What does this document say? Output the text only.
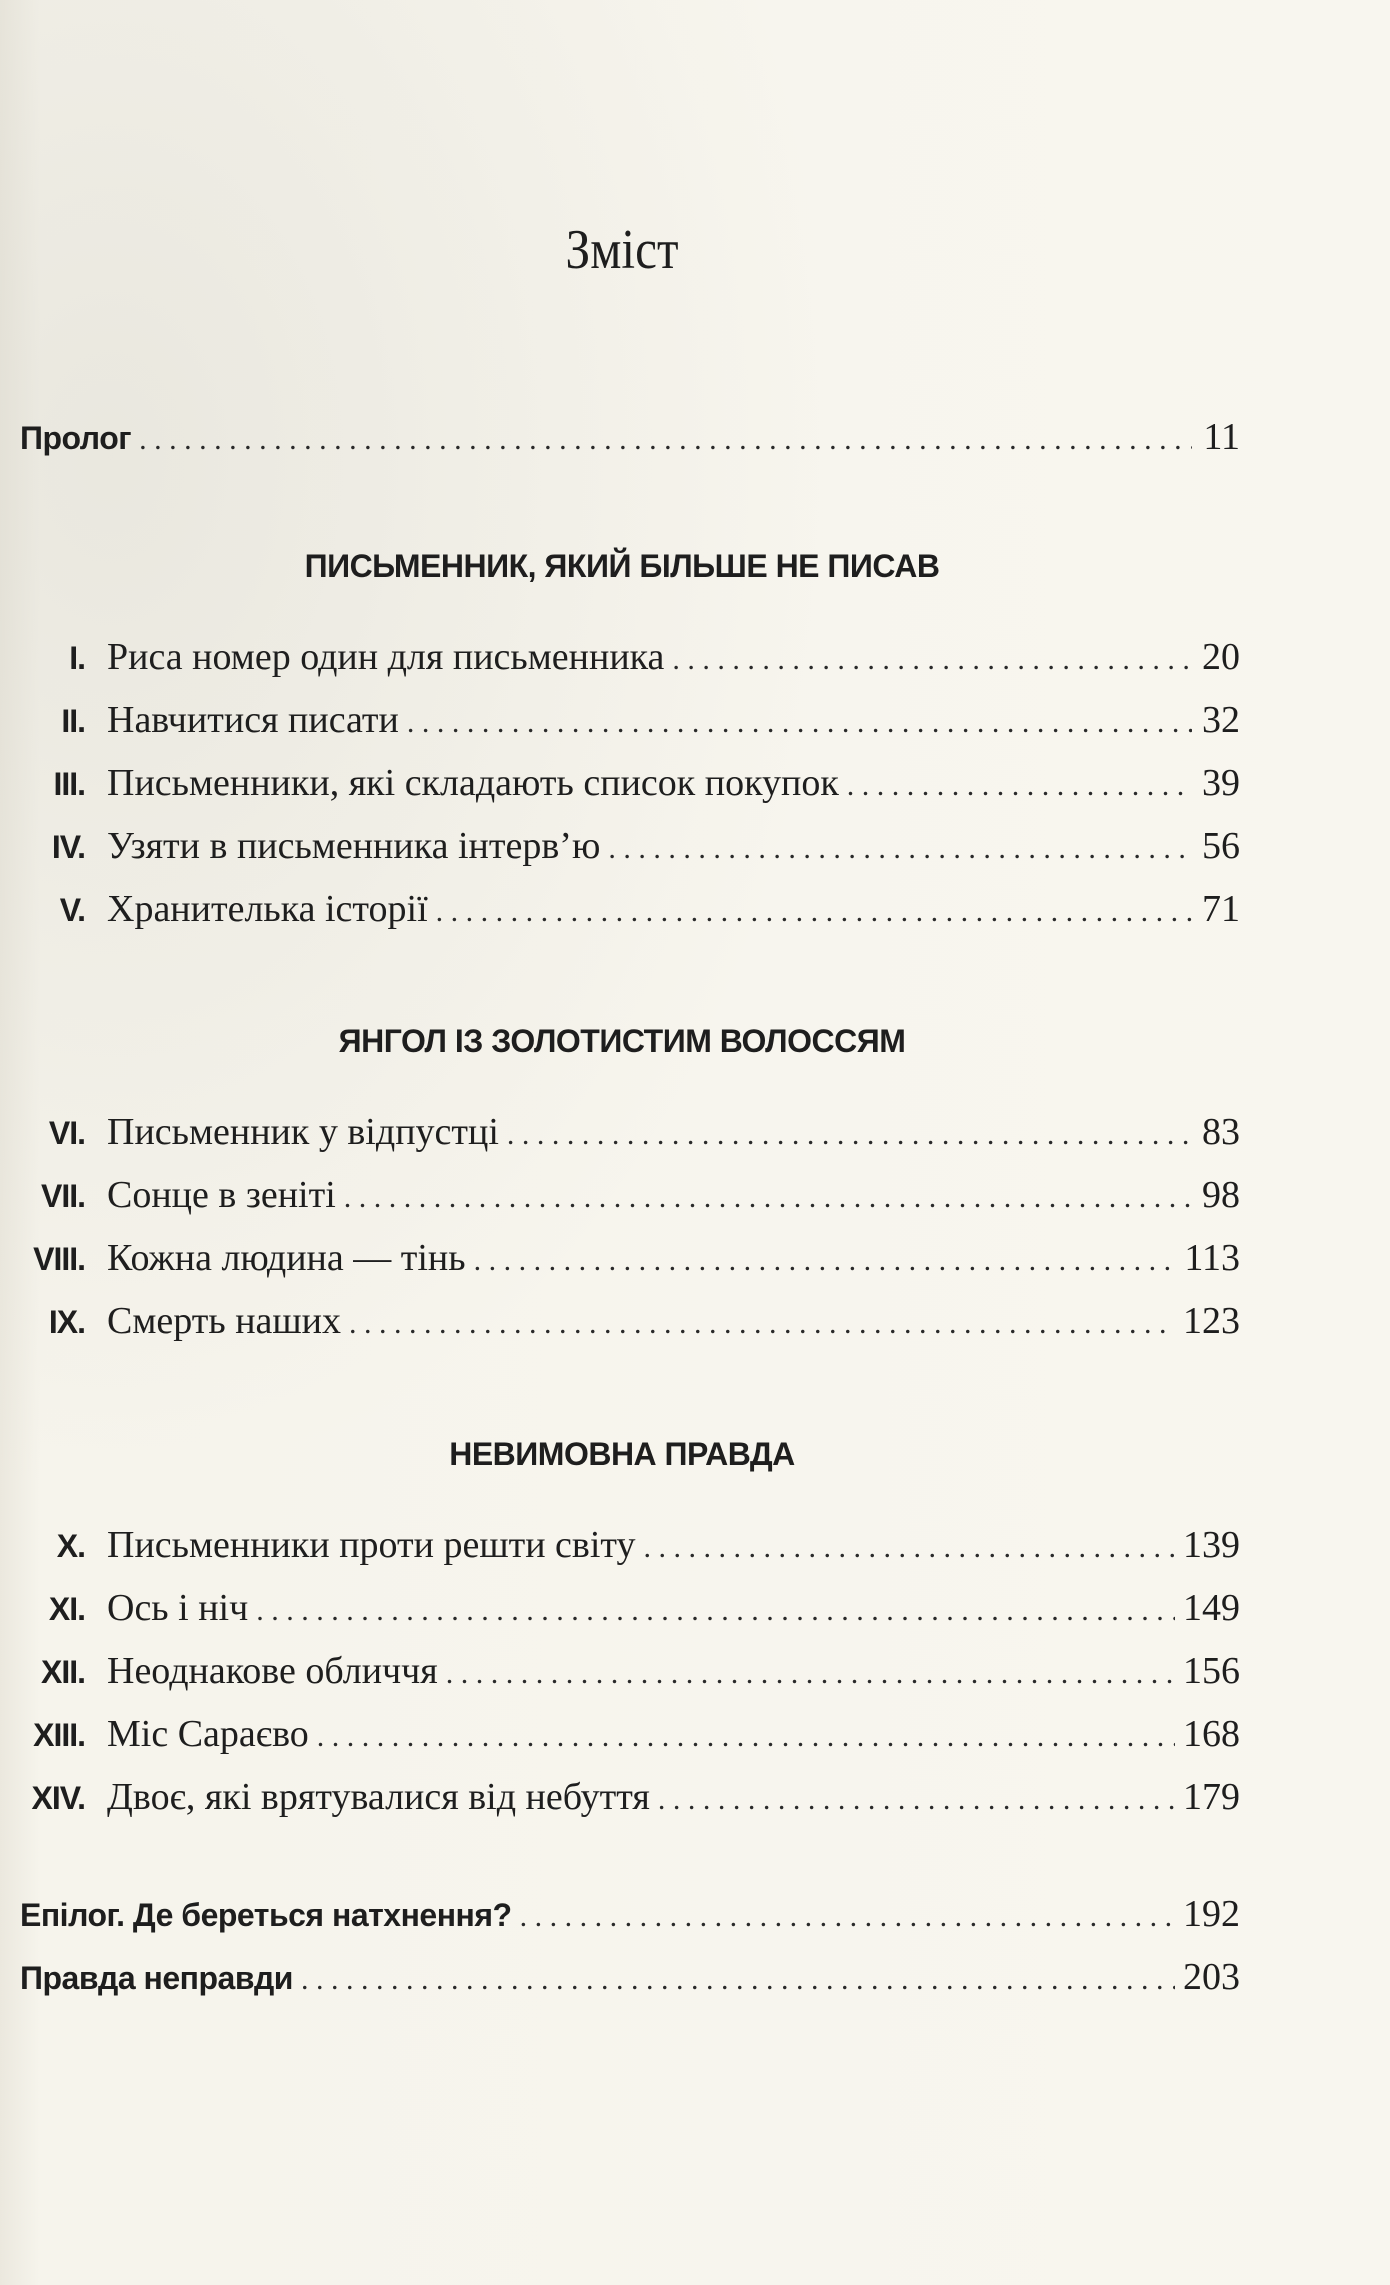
Зміст
Пролог . . .	11
ПИСЬМЕННИК, ЯКИЙ БІЛЬШЕ НЕ ПИСАВ
I. Риса номер один для письменника . . .	20
II. Навчитися писати . . .	32
III. Письменники, які складають список покупок . . .	39
IV. Узяти в письменника інтерв’ю . . .	56
V. Хранителька історії . . .	71
ЯНГОЛ ІЗ ЗОЛОТИСТИМ ВОЛОССЯМ
VI. Письменник у відпустці . . .	83
VII. Сонце в зеніті . . .	98
VIII. Кожна людина — тінь . . .	113
IX. Смерть наших . . .	123
НЕВИМОВНА ПРАВДА
X. Письменники проти решти світу . . .	139
XI. Ось і ніч . . .	149
XII. Неоднакове обличчя . . .	156
XIII. Міс Сараєво . . .	168
XIV. Двоє, які врятувалися від небуття . . .	179
Епілог. Де береться натхнення? . . .	192
Правда неправди . . .	203
